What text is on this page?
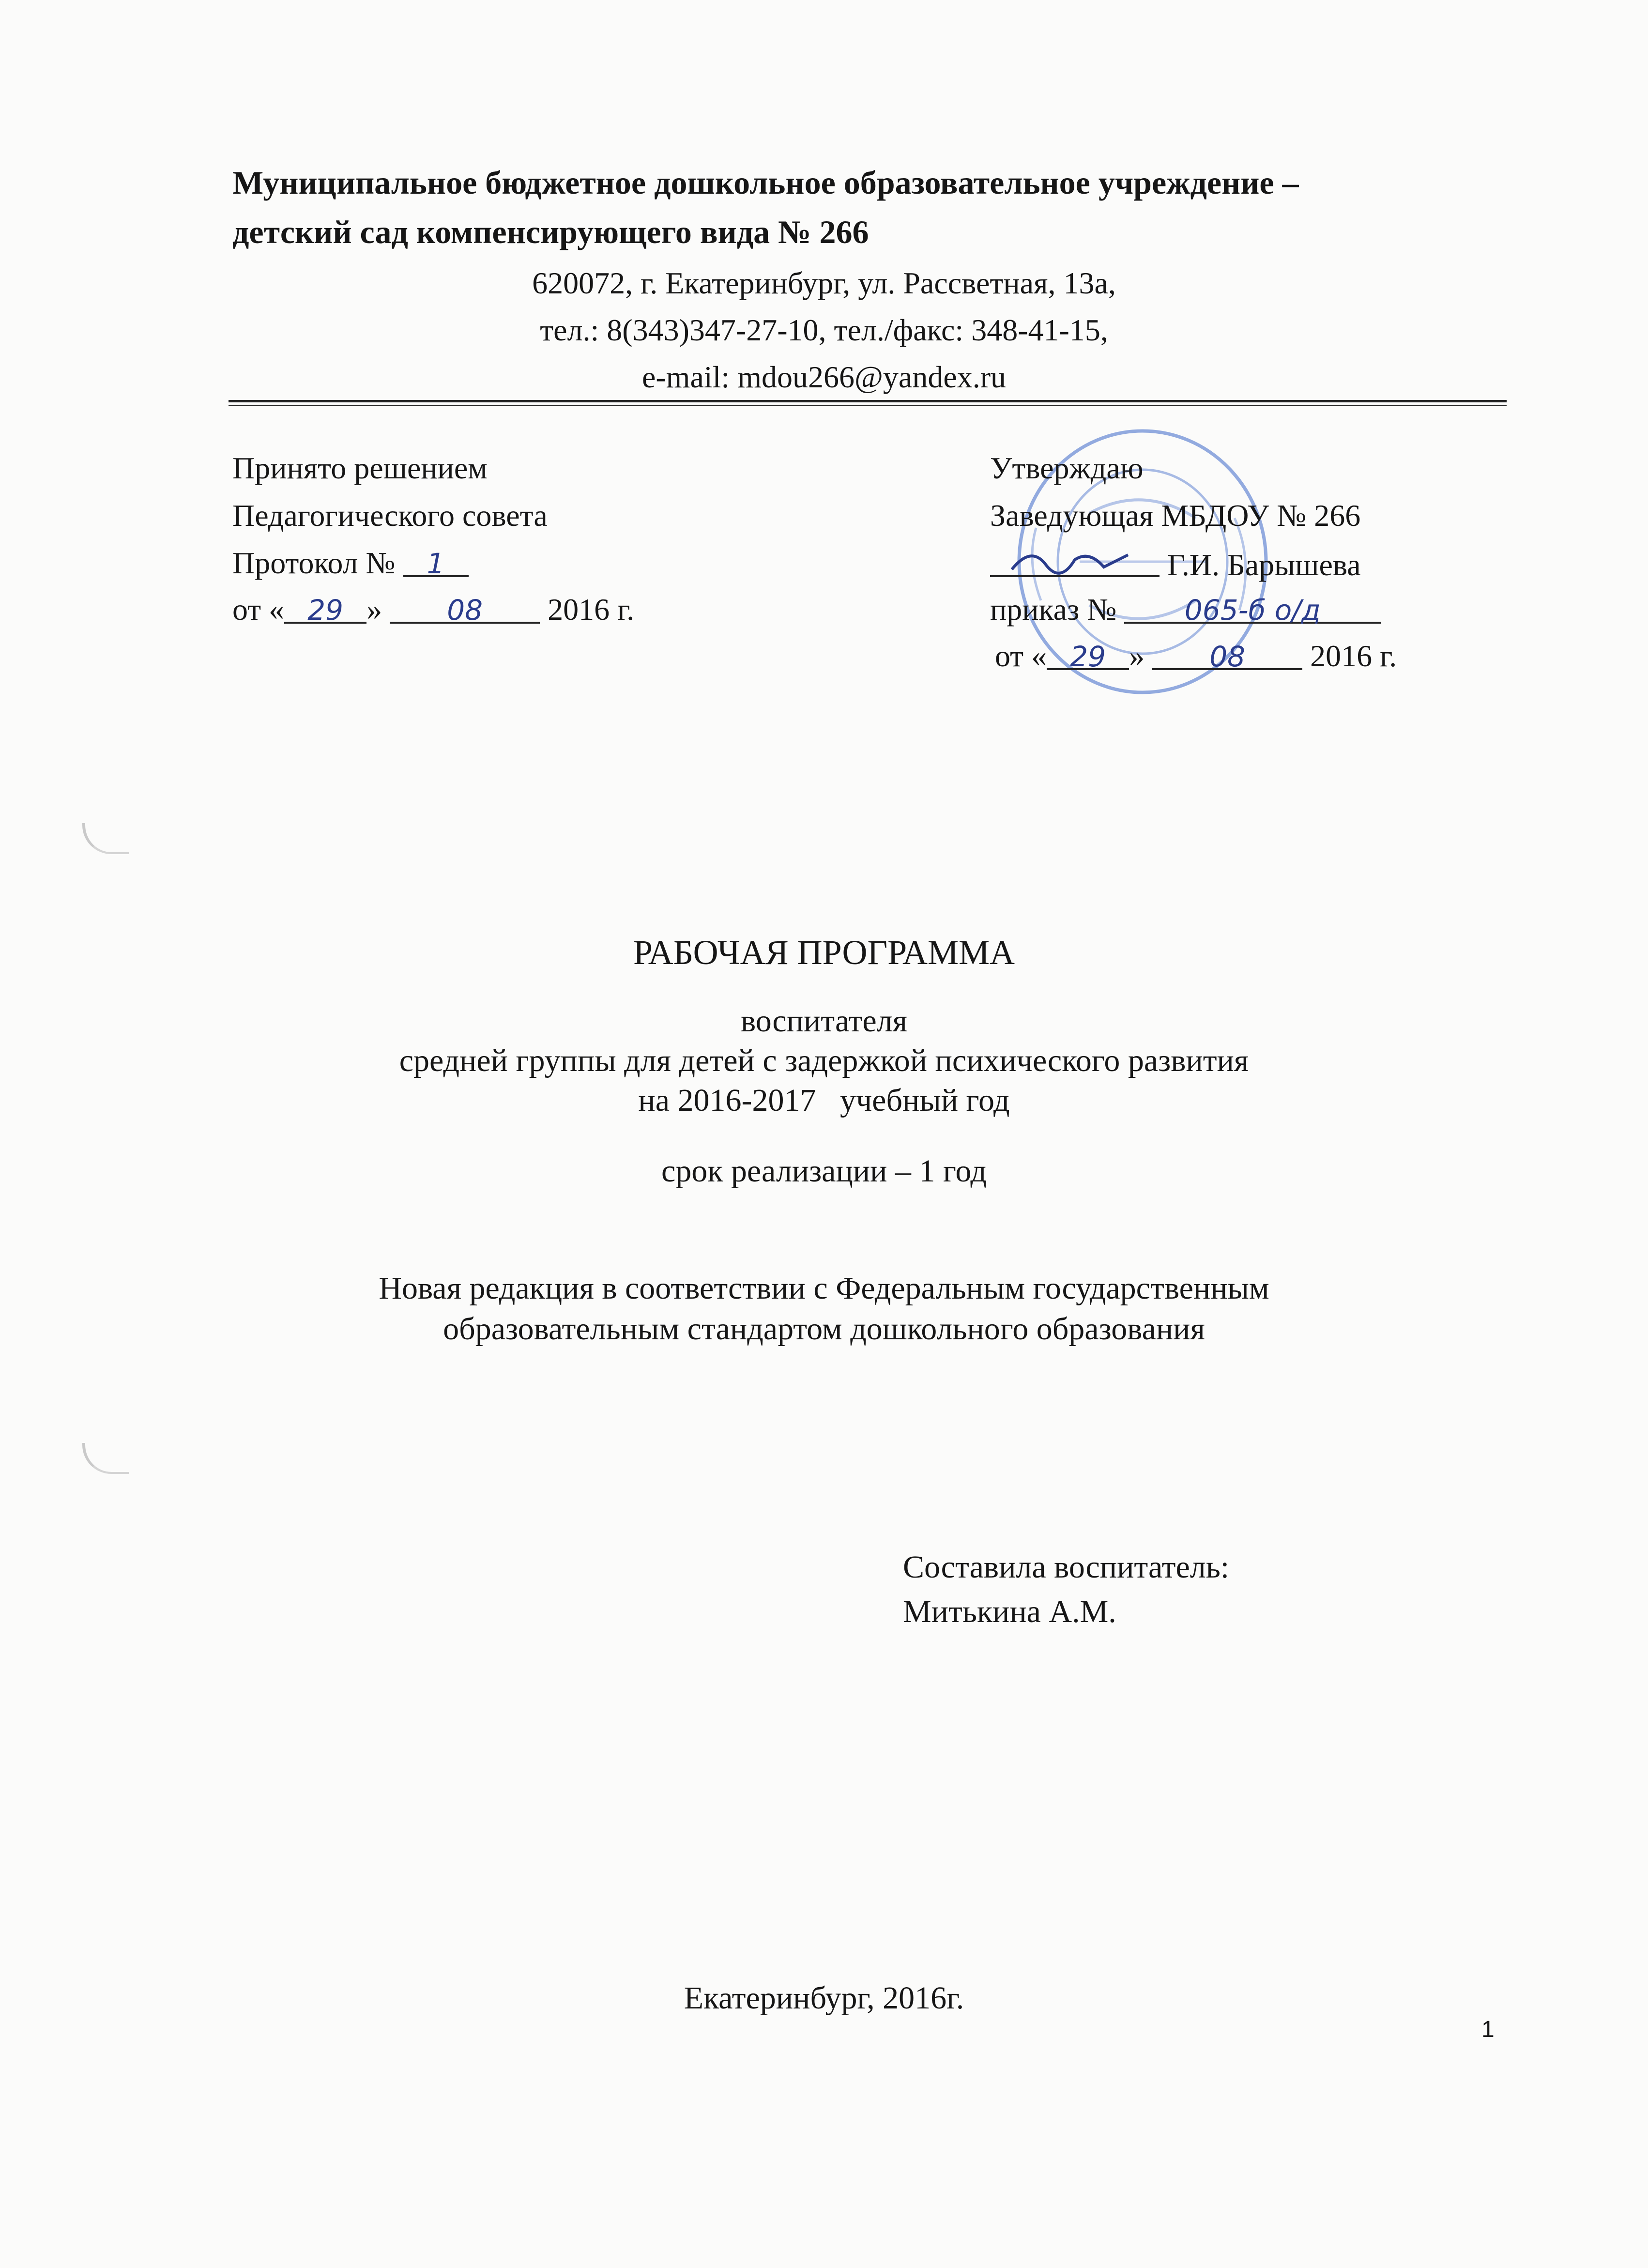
Муниципальное бюджетное дошкольное образовательное учреждение –
детский сад компенсирующего вида № 266
620072, г. Екатеринбург, ул. Рассветная, 13а,
тел.: 8(343)347-27-10, тел./факс: 348-41-15,
e-mail: mdou266@yandex.ru
Принято решением
Педагогического совета
Протокол № 1
от « 29 » 08 2016 г.
Утверждаю
Заведующая МБДОУ № 266
Г.И. Барышева
приказ № 065-б о/д
от « 29 » 08 2016 г.
РАБОЧАЯ ПРОГРАММА
воспитателя
средней группы для детей с задержкой психического развития
на 2016-2017   учебный год
срок реализации – 1 год
Новая редакция в соответствии с Федеральным государственным
образовательным стандартом дошкольного образования
Составила воспитатель:
Митькина А.М.
Екатеринбург, 2016г.
1
